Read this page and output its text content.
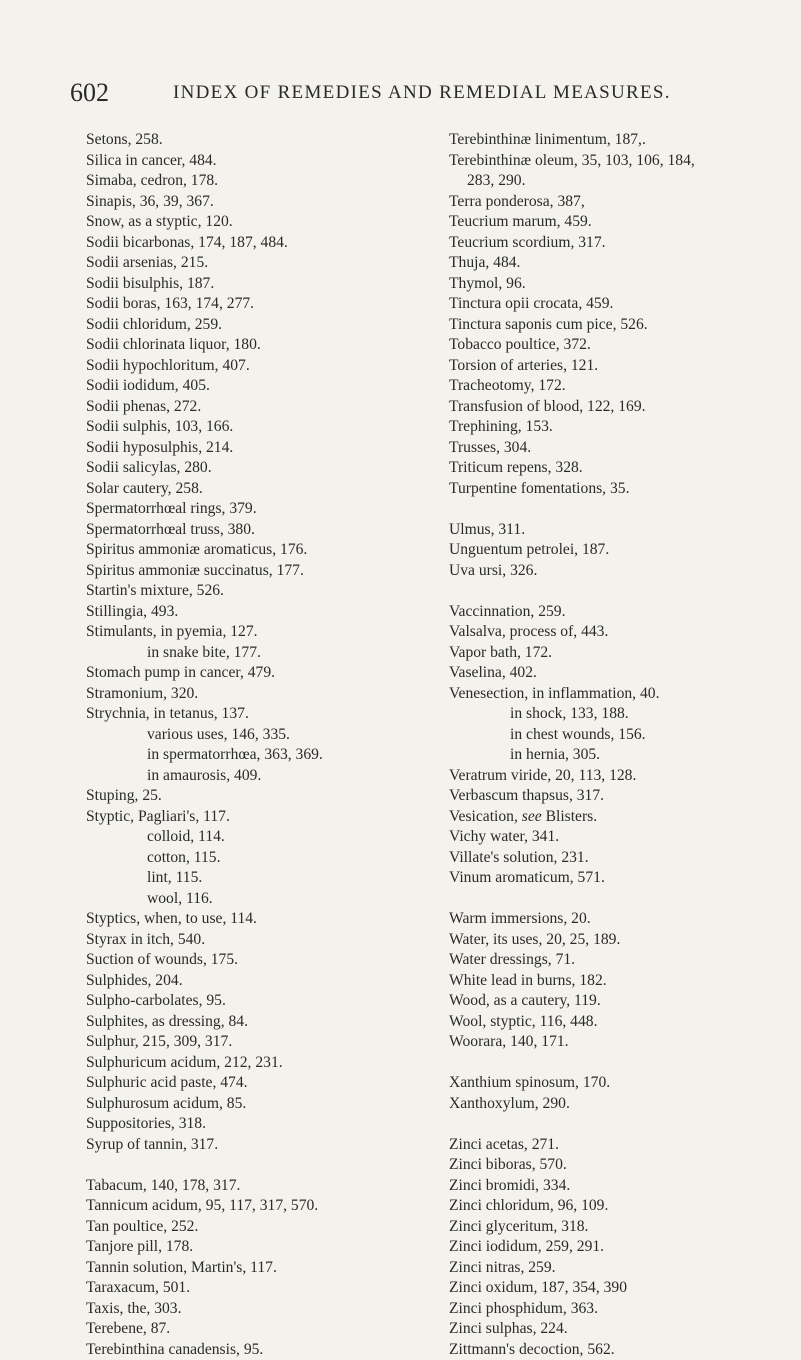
602	INDEX OF REMEDIES AND REMEDIAL MEASURES.
Setons, 258.
Silica in cancer, 484.
Simaba, cedron, 178.
Sinapis, 36, 39, 367.
Snow, as a styptic, 120.
Sodii bicarbonas, 174, 187, 484.
Sodii arsenias, 215.
Sodii bisulphis, 187.
Sodii boras, 163, 174, 277.
Sodii chloridum, 259.
Sodii chlorinata liquor, 180.
Sodii hypochloritum, 407.
Sodii iodidum, 405.
Sodii phenas, 272.
Sodii sulphis, 103, 166.
Sodii hyposulphis, 214.
Sodii salicylas, 280.
Solar cautery, 258.
Spermatorrhœal rings, 379.
Spermatorrhœal truss, 380.
Spiritus ammoniæ aromaticus, 176.
Spiritus ammoniæ succinatus, 177.
Startin's mixture, 526.
Stillingia, 493.
Stimulants, in pyemia, 127.
in snake bite, 177.
Stomach pump in cancer, 479.
Stramonium, 320.
Strychnia, in tetanus, 137.
various uses, 146, 335.
in spermatorrhœa, 363, 369.
in amaurosis, 409.
Stuping, 25.
Styptic, Pagliari's, 117.
colloid, 114.
cotton, 115.
lint, 115.
wool, 116.
Styptics, when, to use, 114.
Styrax in itch, 540.
Suction of wounds, 175.
Sulphides, 204.
Sulpho-carbolates, 95.
Sulphites, as dressing, 84.
Sulphur, 215, 309, 317.
Sulphuricum acidum, 212, 231.
Sulphuric acid paste, 474.
Sulphurosum acidum, 85.
Suppositories, 318.
Syrup of tannin, 317.
Tabacum, 140, 178, 317.
Tannicum acidum, 95, 117, 317, 570.
Tan poultice, 252.
Tanjore pill, 178.
Tannin solution, Martin's, 117.
Taraxacum, 501.
Taxis, the, 303.
Terebene, 87.
Terebinthina canadensis, 95.
Terebinthinæ linimentum, 187,.
Terebinthinæ oleum, 35, 103, 106, 184,
283, 290.
Terra ponderosa, 387,
Teucrium marum, 459.
Teucrium scordium, 317.
Thuja, 484.
Thymol, 96.
Tinctura opii crocata, 459.
Tinctura saponis cum pice, 526.
Tobacco poultice, 372.
Torsion of arteries, 121.
Tracheotomy, 172.
Transfusion of blood, 122, 169.
Trephining, 153.
Trusses, 304.
Triticum repens, 328.
Turpentine fomentations, 35.
Ulmus, 311.
Unguentum petrolei, 187.
Uva ursi, 326.
Vaccinnation, 259.
Valsalva, process of, 443.
Vapor bath, 172.
Vaselina, 402.
Venesection, in inflammation, 40.
in shock, 133, 188.
in chest wounds, 156.
in hernia, 305.
Veratrum viride, 20, 113, 128.
Verbascum thapsus, 317.
Vesication, see Blisters.
Vichy water, 341.
Villate's solution, 231.
Vinum aromaticum, 571.
Warm immersions, 20.
Water, its uses, 20, 25, 189.
Water dressings, 71.
White lead in burns, 182.
Wood, as a cautery, 119.
Wool, styptic, 116, 448.
Woorara, 140, 171.
Xanthium spinosum, 170.
Xanthoxylum, 290.
Zinci acetas, 271.
Zinci biboras, 570.
Zinci bromidi, 334.
Zinci chloridum, 96, 109.
Zinci glyceritum, 318.
Zinci iodidum, 259, 291.
Zinci nitras, 259.
Zinci oxidum, 187, 354, 390
Zinci phosphidum, 363.
Zinci sulphas, 224.
Zittmann's decoction, 562.
